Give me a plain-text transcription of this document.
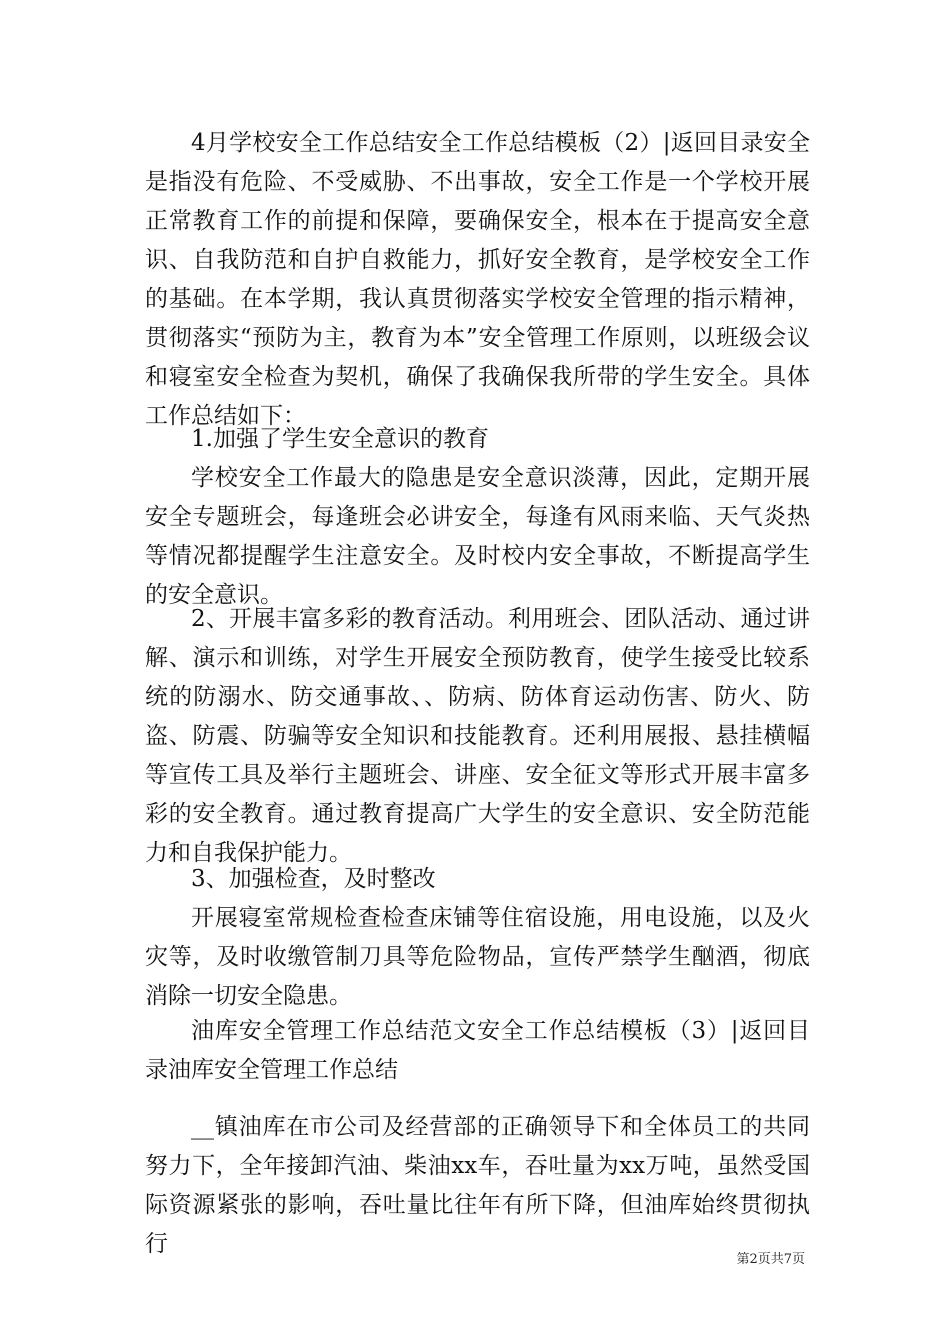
4月学校安全工作总结安全工作总结模板（2）|返回目录安全是指没有危险、不受威胁、不出事故，安全工作是一个学校开展正常教育工作的前提和保障，要确保安全，根本在于提高安全意识、自我防范和自护自救能力，抓好安全教育，是学校安全工作的基础。在本学期，我认真贯彻落实学校安全管理的指示精神，贯彻落实“预防为主，教育为本”安全管理工作原则，以班级会议和寝室安全检查为契机，确保了我确保我所带的学生安全。具体工作总结如下：

1.加强了学生安全意识的教育

学校安全工作最大的隐患是安全意识淡薄，因此，定期开展安全专题班会，每逢班会必讲安全，每逢有风雨来临、天气炎热等情况都提醒学生注意安全。及时校内安全事故，不断提高学生的安全意识。

2、开展丰富多彩的教育活动。利用班会、团队活动、通过讲解、演示和训练，对学生开展安全预防教育，使学生接受比较系统的防溺水、防交通事故、、防病、防体育运动伤害、防火、防盗、防震、防骗等安全知识和技能教育。还利用展报、悬挂横幅等宣传工具及举行主题班会、讲座、安全征文等形式开展丰富多彩的安全教育。通过教育提高广大学生的安全意识、安全防范能力和自我保护能力。

3、加强检查，及时整改

开展寝室常规检查检查床铺等住宿设施，用电设施，以及火灾等，及时收缴管制刀具等危险物品，宣传严禁学生酗酒，彻底消除一切安全隐患。

油库安全管理工作总结范文安全工作总结模板（3）|返回目录油库安全管理工作总结

__镇油库在市公司及经营部的正确领导下和全体员工的共同努力下，全年接卸汽油、柴油xx车，吞吐量为xx万吨，虽然受国际资源紧张的影响，吞吐量比往年有所下降，但油库始终贯彻执行

第2页共7页
